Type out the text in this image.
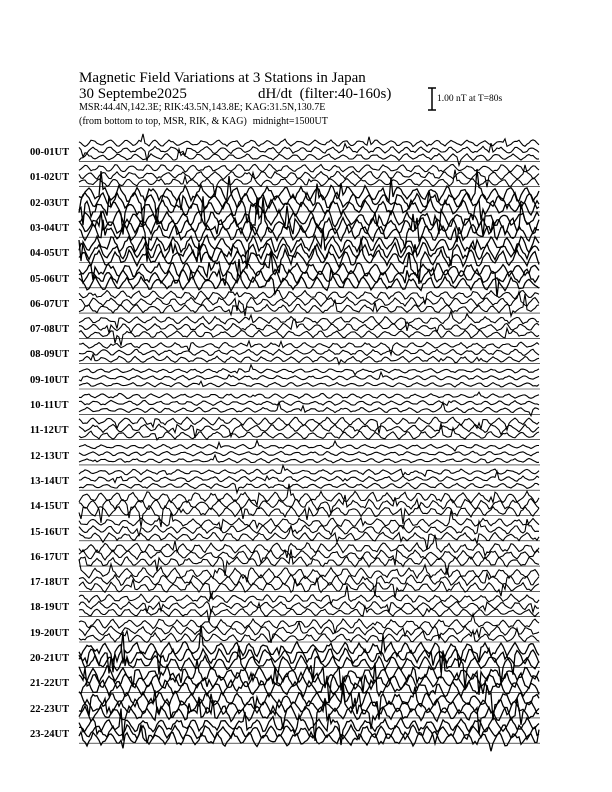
Magnetic Field Variations at 3 Stations in Japan
30 Septembe2025	dH/dt (filter:40-160s)
MSR:44.4N,142.3E; RIK:43.5N,143.8E; KAG:31.5N,130.7E
(from bottom to top, MSR, RIK, & KAG) midnight=1500UT
1.00 nT at T=80s
00-01UT
01-02UT
02-03UT
03-04UT
04-05UT
05-06UT
06-07UT
07-08UT
08-09UT
09-10UT
10-11UT
11-12UT
12-13UT
13-14UT
14-15UT
15-16UT
16-17UT
17-18UT
18-19UT
19-20UT
20-21UT
21-22UT
22-23UT
23-24UT
